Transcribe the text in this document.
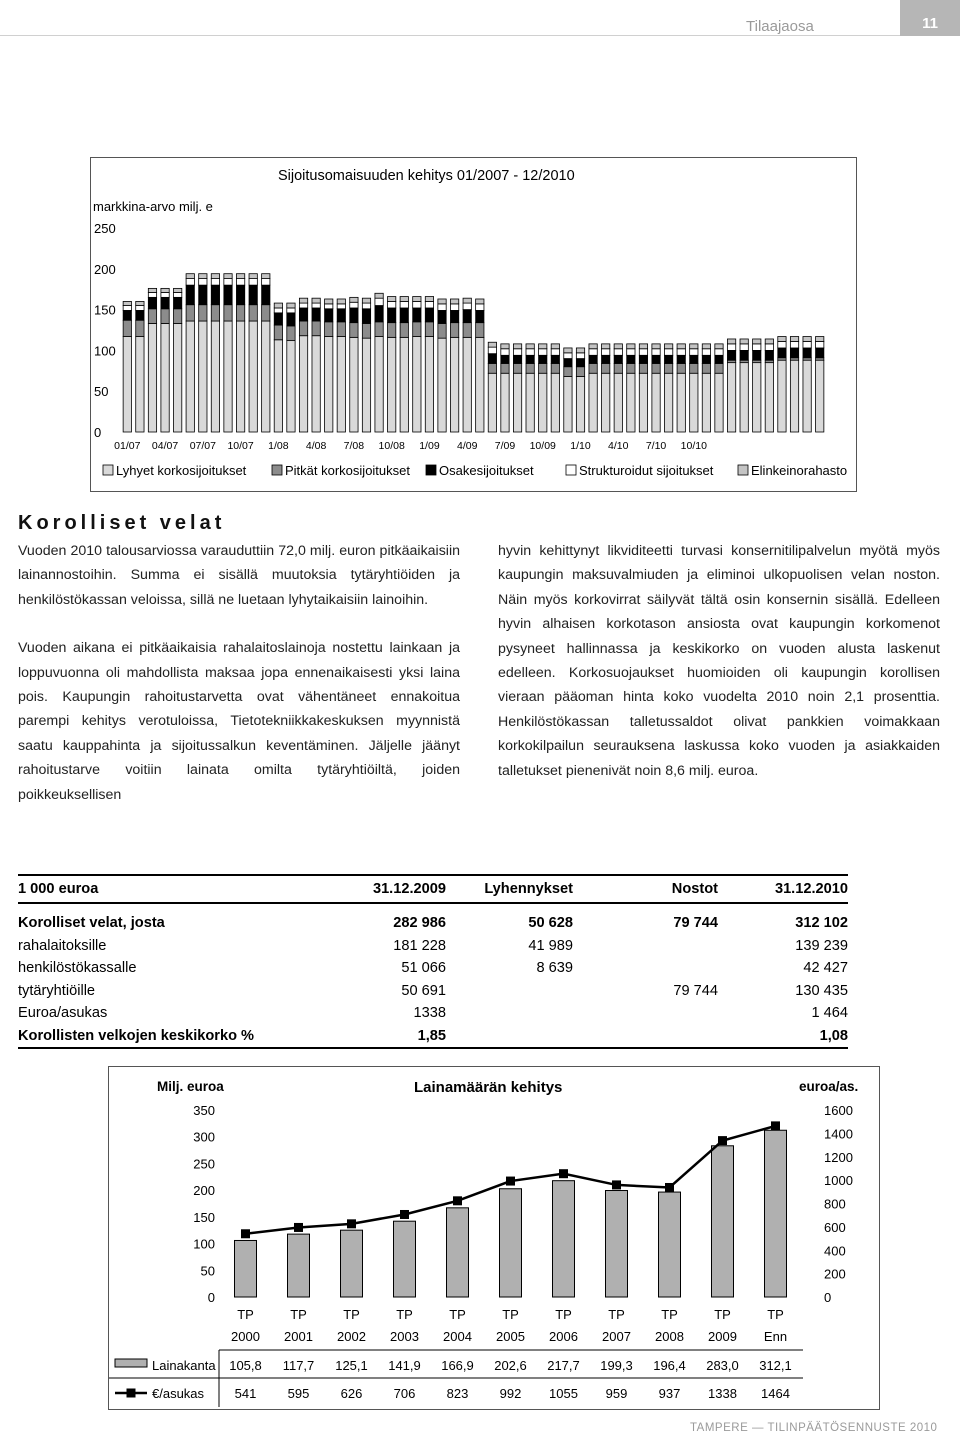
Tilaajaosa	11
Sijoitusomaisuuden kehitys 01/2007 - 12/2010
markkina-arvo milj. e
250
200
150
100
50
0
01/07 04/07 07/07 10/07 1/08 4/08 7/08 10/08 1/09 4/09 7/09 10/09 1/10 4/10 7/10 10/10
Lyhyet korkosijoitukset	Pitkät korkosijoitukset Osakesijoitukset	Strukturoidut sijoitukset	Elinkeinorahasto
Korolliset velat

Vuoden 2010 talousarviossa varauduttiin 72,0 milj. euron pitkäaikaisiin lainannostoihin. Summa ei sisällä muutoksia tytäryhtiöiden ja henkilöstökassan veloissa, sillä ne luetaan lyhytaikaisiin lainoihin.

Vuoden aikana ei pitkäaikaisia rahalaitoslainoja nostettu lainkaan ja loppuvuonna oli mahdollista maksaa jopa ennenaikaisesti yksi laina pois. Kaupungin rahoitustarvetta ovat vähentäneet ennakoitua parempi kehitys verotuloissa, Tietotekniikkakeskuksen myynnistä saatu kauppahinta ja sijoitussalkun keventäminen. Jäljelle jäänyt rahoitustarve voitiin lainata omilta tytäryhtiöiltä, joiden poikkeuksellisen

hyvin kehittynyt likviditeetti turvasi konsernitilipalvelun myötä myös kaupungin maksuvalmiuden ja eliminoi ulkopuolisen velan noston. Näin myös korkovirrat säilyvät tältä osin konsernin sisällä. Edelleen hyvin alhaisen korkotason ansiosta ovat kaupungin korkomenot pysyneet hallinnassa ja keskikorko on vuoden alusta laskenut edelleen. Korkosuojaukset huomioiden oli kaupungin korollisen vieraan pääoman hinta koko vuodelta 2010 noin 2,1 prosenttia. Henkilöstökassan talletussaldot olivat pankkien voimakkaan korkokilpailun seurauksena laskussa koko vuoden ja asiakkaiden talletukset pienenivät noin 8,6 milj. euroa.

1 000 euroa	31.12.2009	Lyhennykset	Nostot	31.12.2010

Korolliset velat, josta	282 986	50 628	79 744	312 102
rahalaitoksille	181 228	41 989		139 239
henkilöstökassalle	51 066	8 639		42 427
tytäryhtiöille	50 691		79 744	130 435
Euroa/asukas	1338			1 464
Korollisten velkojen keskikorko %	1,85			1,08
Milj. euroa	Lainamäärän kehitys	euroa/as.
350
300
250
200
150
100
50
0
1600
1400
1200
1000
800
600
400
200
0
TP	TP	TP	TP	TP	TP	TP	TP	TP	TP	TP
2000 2001 2002 2003 2004 2005 2006 2007 2008 2009 Enn
Lainakanta
€/asukas
105,8 117,7 125,1 141,9 166,9 202,6 217,7 199,3 196,4 283,0 312,1
541 595 626 706 823 992 1055 959 937 1338 1464
TAMPERE — TILINPÄÄTÖSENNUSTE 2010
